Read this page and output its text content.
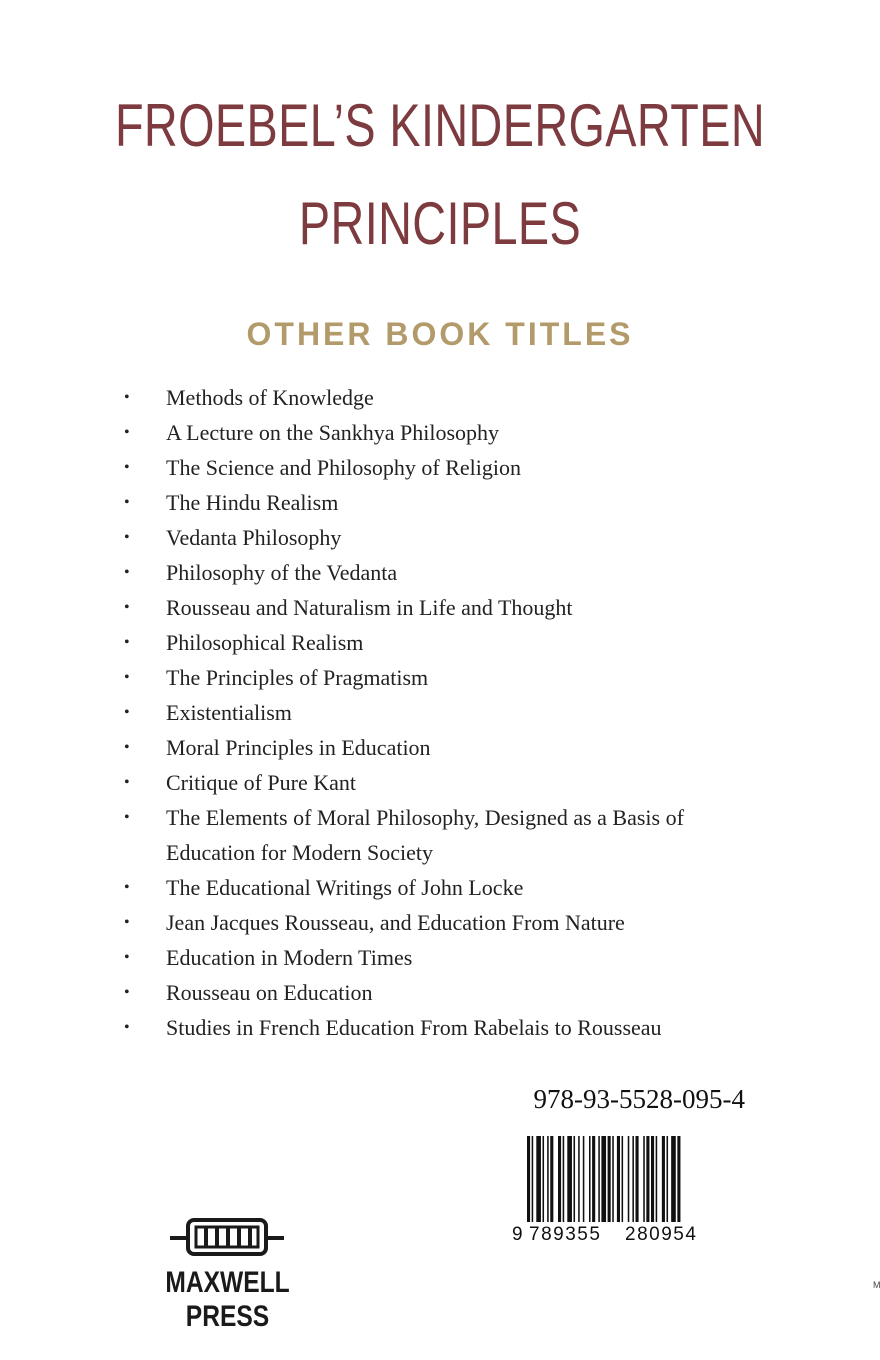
FROEBEL’S KINDERGARTEN
PRINCIPLES
OTHER BOOK TITLES
• Methods of Knowledge
• A Lecture on the Sankhya Philosophy
• The Science and Philosophy of Religion
• The Hindu Realism
• Vedanta Philosophy
• Philosophy of the Vedanta
• Rousseau and Naturalism in Life and Thought
• Philosophical Realism
• The Principles of Pragmatism
• Existentialism
• Moral Principles in Education
• Critique of Pure Kant
• The Elements of Moral Philosophy, Designed as a Basis of Education for Modern Society
• The Educational Writings of John Locke
• Jean Jacques Rousseau, and Education From Nature
• Education in Modern Times
• Rousseau on Education
• Studies in French Education From Rabelais to Rousseau
978-93-5528-095-4
9 789355 280954
MAXWELL PRESS
M
